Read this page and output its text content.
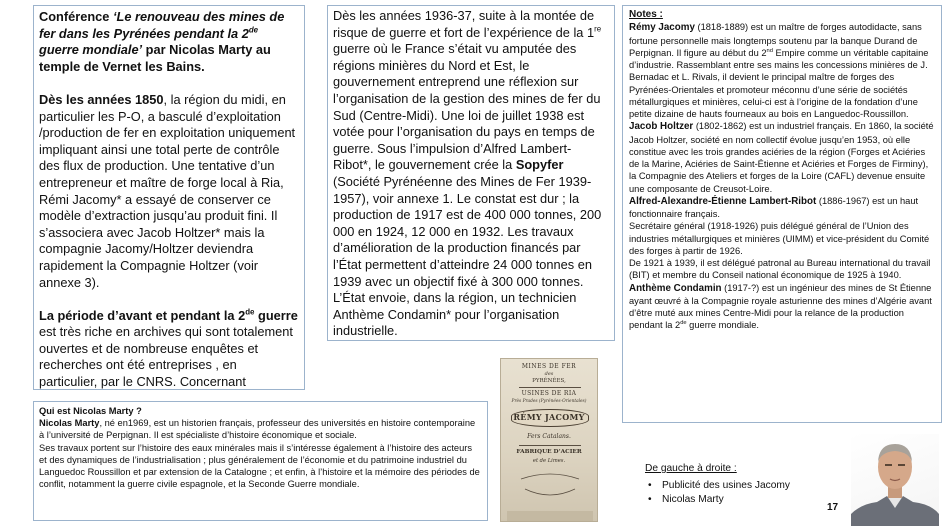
Conférence ‘Le renouveau des mines de fer dans les Pyrénées pendant la 2de guerre mondiale’ par Nicolas Marty au temple de Vernet les Bains.

Dès les années 1850, la région du midi, en particulier les P-O, a basculé d’exploitation /production de fer en exploitation uniquement impliquant ainsi une total perte de contrôle des flux de production. Une tentative d’un entrepreneur et maître de forge local à Ria, Rémi Jacomy* a essayé de conserver ce modèle d’extraction jusqu’au produit fini. Il s’associera avec Jacob Holtzer* mais la compagnie Jacomy/Holtzer deviendra rapidement la Compagnie Holtzer (voir annexe 3).

La période d’avant et pendant la 2de guerre est très riche en archives qui sont totalement ouvertes et de nombreuse enquêtes et recherches ont été entreprises , en particulier, par le CNRS. Concernant

Dès les années 1936-37, suite à la montée de risque de guerre et fort de l’expérience de la 1re guerre où le France s’était vu amputée des régions minières du Nord et Est, le gouvernement entreprend une réflexion sur l’organisation de la gestion des mines de fer du Sud (Centre-Midi). Une loi de juillet 1938 est votée pour l’organisation du pays en temps de guerre. Sous l’impulsion d’Alfred Lambert-Ribot*, le gouvernement crée la Sopyfer (Société Pyrénéenne des Mines de Fer 1939-1957), voir annexe 1. Le constat est dur ; la production de 1917 est de 400 000 tonnes, 200 000 en 1924, 12 000 en 1932. Les travaux d’amélioration de la production financés par l’État permettent d’atteindre 24 000 tonnes en 1939 avec un objectif fixé à 300 000 tonnes.
L’État envoie, dans la région, un technicien Anthème Condamin* pour l’organisation industrielle.
Notes :
Rémy Jacomy (1818-1889) est un maître de forges autodidacte, sans fortune personnelle mais longtemps soutenu par la banque Durand de Perpignan. Il figure au début du 2nd Empire comme un véritable capitaine d’industrie. Rassemblant entre ses mains les concessions minières de J. Bernadac et L. Rivals, il devient le principal maître de forges des Pyrénées-Orientales et promoteur méconnu d’une série de sociétés métallurgiques et minières, celui-ci est à l’origine de la fondation d’une petite dizaine de hauts fourneaux au bois en Languedoc-Roussillon.
Jacob Holtzer (1802-1862) est un industriel français. En 1860, la société Jacob Holtzer, société en nom collectif évolue jusqu’en 1953, où elle constitue avec les trois grandes aciéries de la région (Forges et Aciéries de la Marine, Aciéries de Saint-Étienne et Aciéries et Forges de Firminy), la Compagnie des Ateliers et forges de la Loire (CAFL) devenue ensuite une composante de Creusot-Loire.
Alfred-Alexandre-Étienne Lambert-Ribot (1886-1967) est un haut fonctionnaire français.
Secrétaire général (1918-1926) puis délégué général de l’Union des industries métallurgiques et minières (UIMM) et vice-président du Comité des forges à partir de 1926.
De 1921 à 1939, il est délégué patronal au Bureau international du travail (BIT) et membre du Conseil national économique de 1925 à 1940.
Anthème Condamin (1917-?) est un ingénieur des mines de St Étienne ayant œuvré à la Compagnie royale asturienne des mines d’Algérie avant d’être muté aux mines Centre-Midi pour la relance de la production pendant la 2de guerre mondiale.
Qui est Nicolas Marty ?
Nicolas Marty, né en1969, est un historien français, professeur des universités en histoire contemporaine à l’université de Perpignan. Il est spécialiste d’histoire économique et sociale.
Ses travaux portent sur l’histoire des eaux minérales mais il s’intéresse également à l’histoire des acteurs et des dynamiques de l’industrialisation ; plus généralement de l’économie et du patrimoine industriel du Languedoc Roussillon et par extension de la Catalogne ; et enfin, à l’histoire et la mémoire des périodes de conflit, notamment la guerre civile espagnole, et la Seconde Guerre mondiale.
MINES DE FER
des
PYRÉNÉES,
USINES DE RIA
Près Prades (Pyrénées-Orientales)
RÉMY JACOMY
Fers Catalans.
FABRIQUE D’ACIER
et de Limes.
De gauche à droite :
• Publicité des usines Jacomy
• Nicolas Marty
17
